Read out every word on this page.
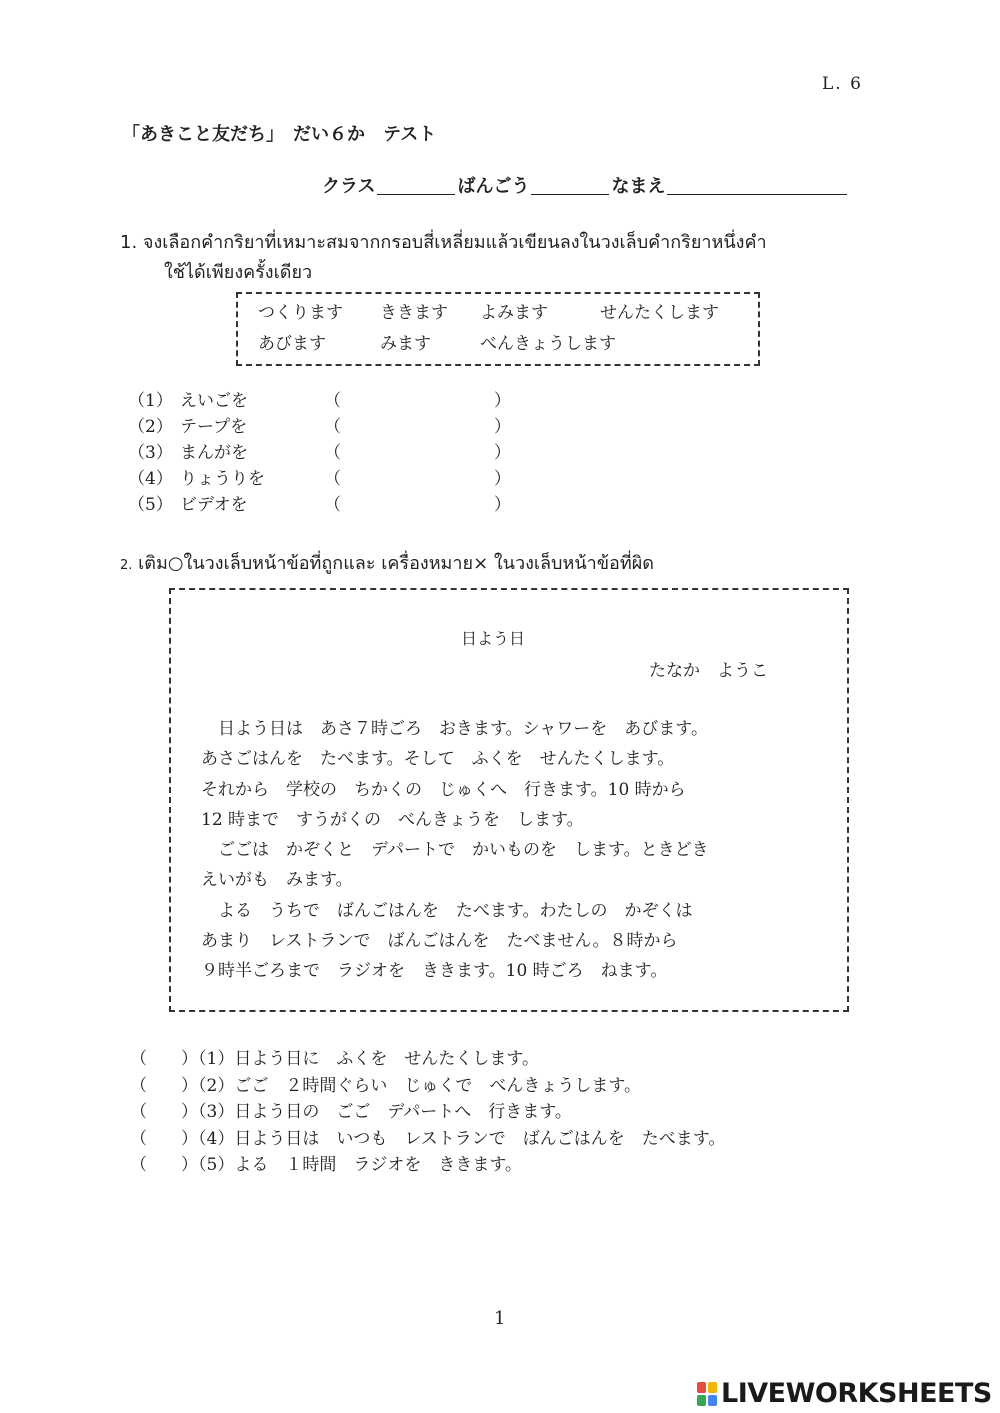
L. 6
「あきこと友だち」　だい６か　テスト
クラス	ばんごう	なまえ
1. จงเลือกคำกริยาที่เหมาะสมจากกรอบสี่เหลี่ยมแล้วเขียนลงในวงเล็บคำกริยาหนึ่งคำ
ใช้ได้เพียงครั้งเดียว
つくります ききます よみます	せんたくします
あびます	みます	べんきょうします
（1） えいごを	（	）
（2） テープを	（	）
（3） まんがを	（	）
（4） りょうりを	（	）
（5） ビデオを	（	）
2. เติม○ในวงเล็บหน้าข้อที่ถูกและ เครื่องหมาย× ในวงเล็บหน้าข้อที่ผิด
日よう日
たなか　ようこ
　日よう日は　あさ７時ごろ　おきます。シャワーを　あびます。
あさごはんを　たべます。そして　ふくを　せんたくします。
それから　学校の　ちかくの　じゅくへ　行きます。10 時から
12 時まで　すうがくの　べんきょうを　します。
　ごごは　かぞくと　デパートで　かいものを　します。ときどき
えいがも　みます。
　よる　うちで　ばんごはんを　たべます。わたしの　かぞくは
あまり　レストランで　ばんごはんを　たべません。８時から
９時半ごろまで　ラジオを　ききます。10 時ごろ　ねます。
（　　）（1）日よう日に　ふくを　せんたくします。
（　　）（2）ごご　２時間ぐらい　じゅくで　べんきょうします。
（　　）（3）日よう日の　ごご　デパートへ　行きます。
（　　）（4）日よう日は　いつも　レストランで　ばんごはんを　たべます。
（　　）（5）よる　１時間　ラジオを　ききます。
1
LIVEWORKSHEETS
